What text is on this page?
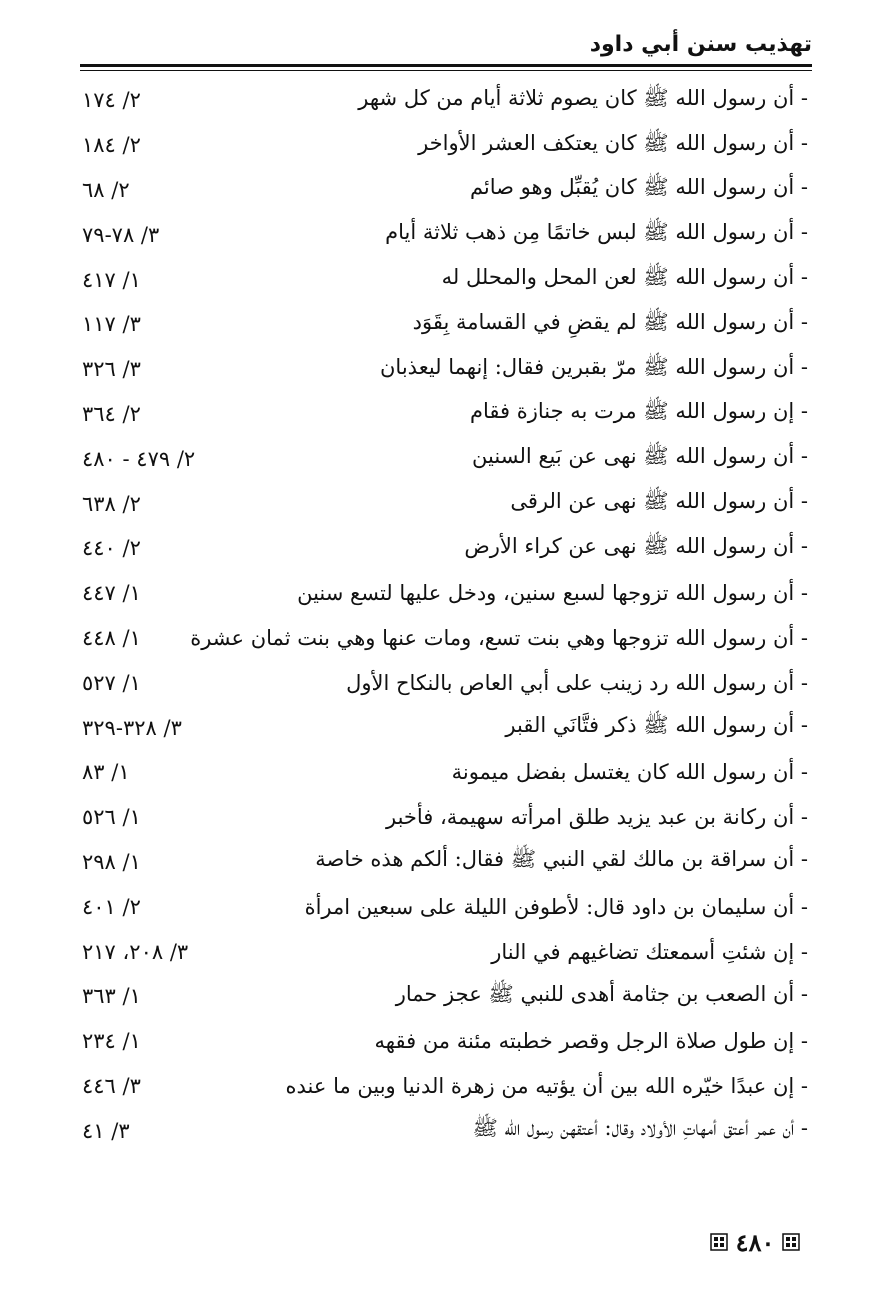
تهذيب سنن أبي داود
- أن رسول الله ﷺ كان يصوم ثلاثة أيام من كل شهر
٢/ ١٧٤
- أن رسول الله ﷺ كان يعتكف العشر الأواخر
٢/ ١٨٤
- أن رسول الله ﷺ كان يُقبِّل وهو صائم
٢/ ٦٨
- أن رسول الله ﷺ لبس خاتمًا مِن ذهب ثلاثة أيام
٣/ ٧٨-٧٩
- أن رسول الله ﷺ لعن المحل والمحلل له
١/ ٤١٧
- أن رسول الله ﷺ لم يقضِ في القسامة بِقَوَد
٣/ ١١٧
- أن رسول الله ﷺ مرّ بقبرين فقال: إنهما ليعذبان
٣/ ٣٢٦
- إن رسول الله ﷺ مرت به جنازة فقام
٢/ ٣٦٤
- أن رسول الله ﷺ نهى عن بَيع السنين
٢/ ٤٧٩ - ٤٨٠
- أن رسول الله ﷺ نهى عن الرقى
٢/ ٦٣٨
- أن رسول الله ﷺ نهى عن كراء الأرض
٢/ ٤٤٠
- أن رسول الله تزوجها لسبع سنين، ودخل عليها لتسع سنين
١/ ٤٤٧
- أن رسول الله تزوجها وهي بنت تسع، ومات عنها وهي بنت ثمان عشرة
١/ ٤٤٨
- أن رسول الله رد زينب على أبي العاص بالنكاح الأول
١/ ٥٢٧
- أن رسول الله ﷺ ذكر فتَّانَي القبر
٣/ ٣٢٨-٣٢٩
- أن رسول الله كان يغتسل بفضل ميمونة
١/ ٨٣
- أن ركانة بن عبد يزيد طلق امرأته سهيمة، فأخبر
١/ ٥٢٦
- أن سراقة بن مالك لقي النبي ﷺ فقال: ألكم هذه خاصة
١/ ٢٩٨
- أن سليمان بن داود قال: لأطوفن الليلة على سبعين امرأة
٢/ ٤٠١
- إن شئتِ أسمعتك تضاغيهم في النار
٣/ ٢٠٨، ٢١٧
- أن الصعب بن جثامة أهدى للنبي ﷺ عجز حمار
١/ ٣٦٣
- إن طول صلاة الرجل وقصر خطبته مئنة من فقهه
١/ ٢٣٤
- إن عبدًا خيّره الله بين أن يؤتيه من زهرة الدنيا وبين ما عنده
٣/ ٤٤٦
- أن عمر أعتق أمهاتِ الأولاد وقال: أعتقهن رسول الله ﷺ
٣/ ٤١
٤٨٠
